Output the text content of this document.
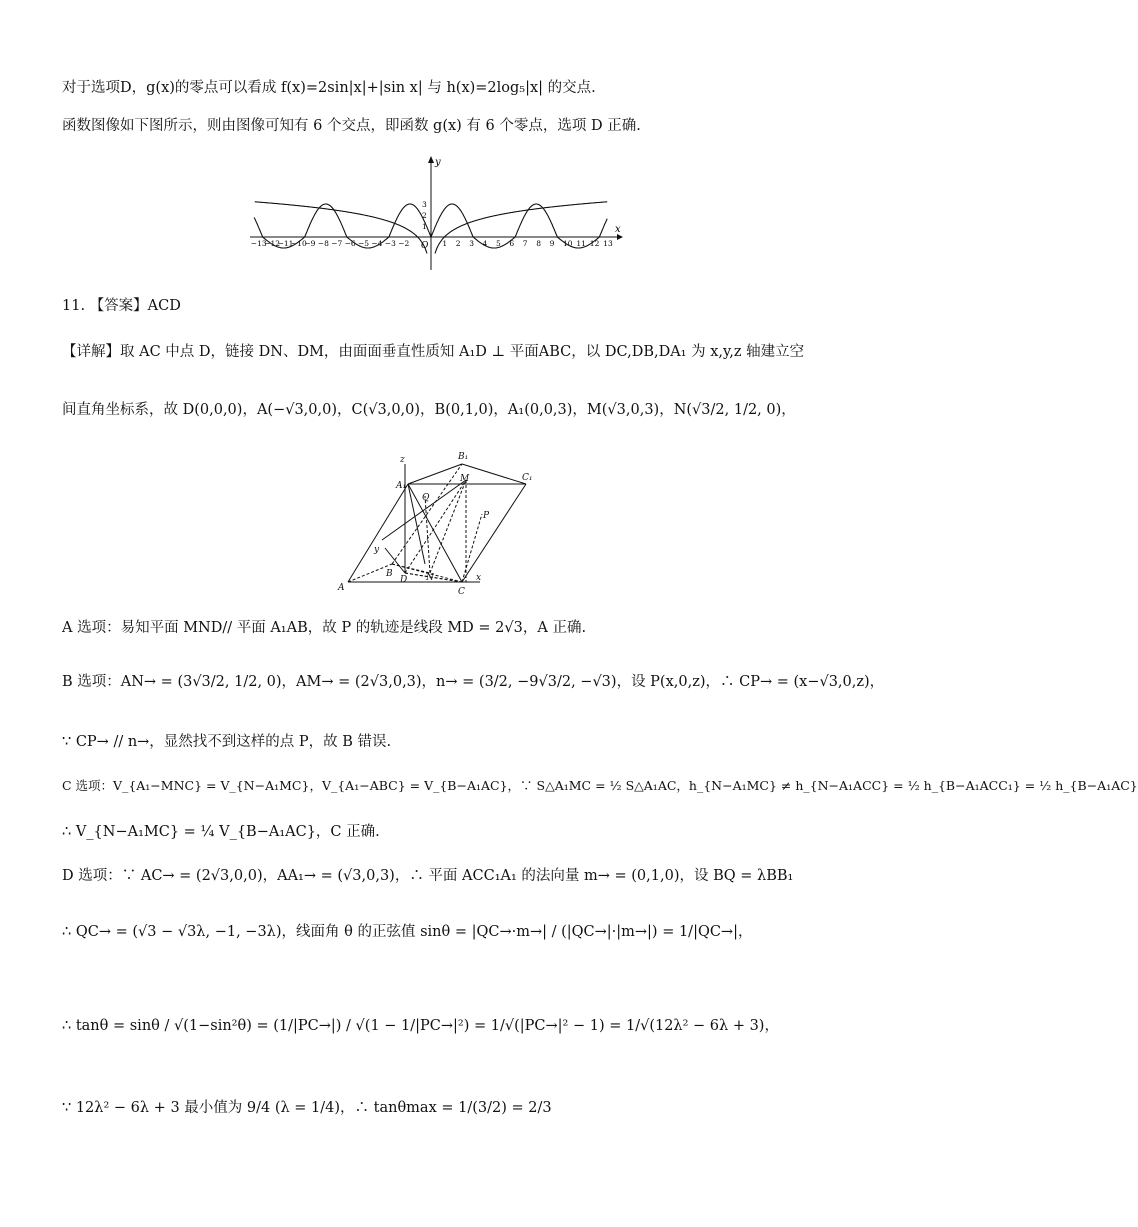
对于选项D，g(x)的零点可以看成 f(x)=2sin|x|+|sin x| 与 h(x)=2log₅|x| 的交点.
函数图像如下图所示，则由图像可知有 6 个交点，即函数 g(x) 有 6 个零点，选项 D 正确.
x
y
O
−13
−12
−11
−10
−9 −8 −7 −6 −5 −4 −3 −2	1 2 3 4 5 6 7 8 9 10 11 12 13
3
2
1
11. 【答案】ACD
【详解】取 AC 中点 D，链接 DN、DM，由面面垂直性质知 A₁D ⊥ 平面ABC，以 DC,DB,DA₁ 为 x,y,z 轴建立空
间直角坐标系，故 D(0,0,0)，A(−√3,0,0)，C(√3,0,0)，B(0,1,0)，A₁(0,0,3)，M(√3,0,3)，N(√3/2, 1/2, 0)，
z	B₁
A₁
C₁
Q
M
P
y
B
D N
A	C
x
A 选项：易知平面 MND// 平面 A₁AB，故 P 的轨迹是线段 MD = 2√3，A 正确.
B 选项：AN→ = (3√3/2, 1/2, 0)，AM→ = (2√3,0,3)，n→ = (3/2, −9√3/2, −√3)，设 P(x,0,z)，∴ CP→ = (x−√3,0,z)，
∵ CP→ // n→，显然找不到这样的点 P，故 B 错误.
C 选项：V_{A₁−MNC} = V_{N−A₁MC}，V_{A₁−ABC} = V_{B−A₁AC}，∵ S△A₁MC = ½ S△A₁AC，h_{N−A₁MC} ≠ h_{N−A₁ACC} = ½ h_{B−A₁ACC₁} = ½ h_{B−A₁AC}
∴ V_{N−A₁MC} = ¼ V_{B−A₁AC}，C 正确.
D 选项：∵ AC→ = (2√3,0,0)，AA₁→ = (√3,0,3)，∴ 平面 ACC₁A₁ 的法向量 m→ = (0,1,0)，设 BQ = λBB₁
∴ QC→ = (√3 − √3λ, −1, −3λ)，线面角 θ 的正弦值 sinθ = |QC→·m→| / (|QC→|·|m→|) = 1/|QC→|，
∴ tanθ = sinθ / √(1−sin²θ) = (1/|PC→|) / √(1 − 1/|PC→|²) = 1/√(|PC→|² − 1) = 1/√(12λ² − 6λ + 3)，
∵ 12λ² − 6λ + 3 最小值为 9/4 (λ = 1/4)，∴ tanθmax = 1/(3/2) = 2/3
